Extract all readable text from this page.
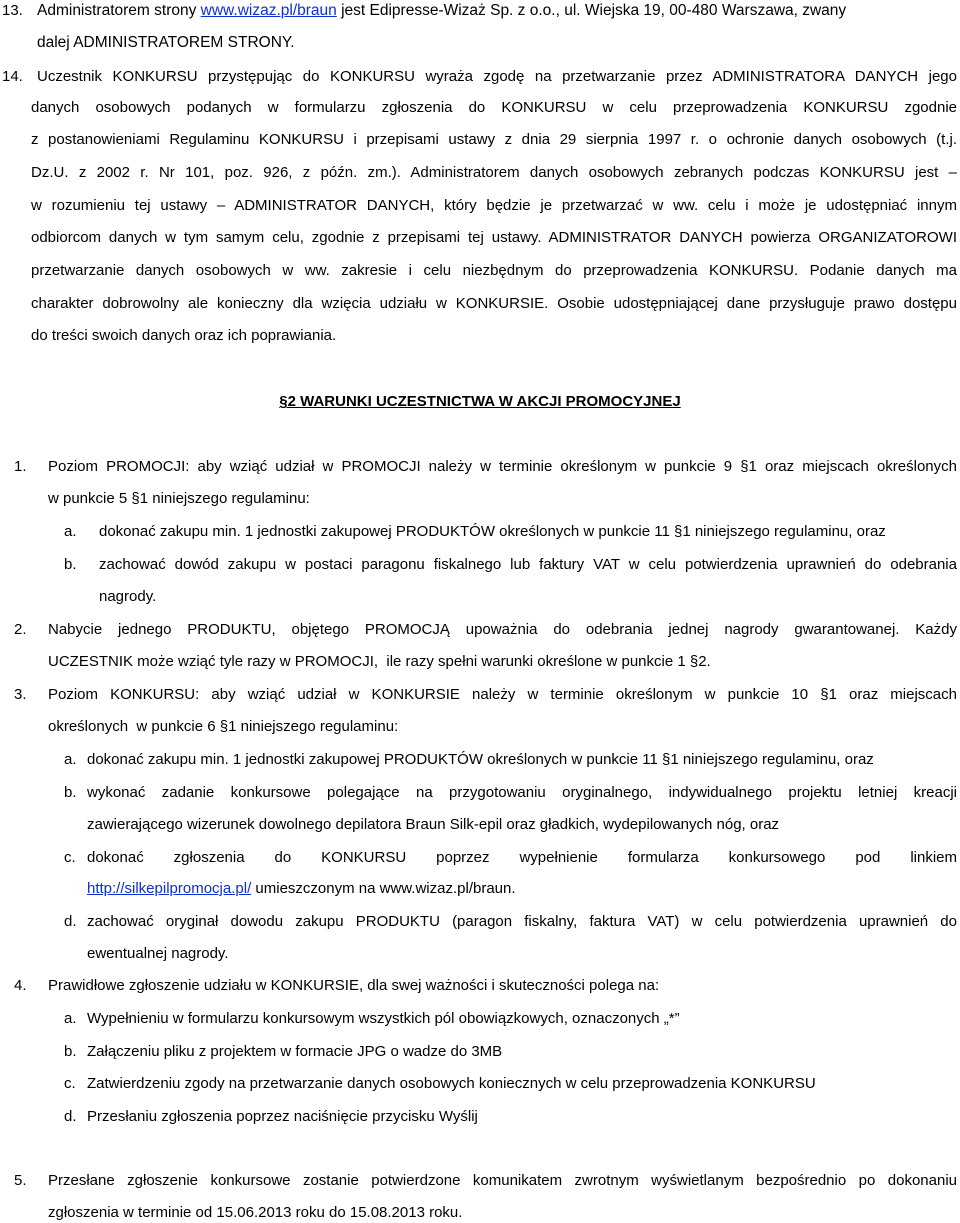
13. Administratorem strony www.wizaz.pl/braun jest Edipresse-Wizaż Sp. z o.o., ul. Wiejska 19, 00-480 Warszawa, zwany
dalej ADMINISTRATOREM STRONY.
14. Uczestnik KONKURSU przystępując do KONKURSU wyraża zgodę na przetwarzanie przez ADMINISTRATORA DANYCH jego
danych osobowych podanych w formularzu zgłoszenia do KONKURSU w celu przeprowadzenia KONKURSU zgodnie
z postanowieniami Regulaminu KONKURSU i przepisami ustawy z dnia 29 sierpnia 1997 r. o ochronie danych osobowych (t.j.
Dz.U. z 2002 r. Nr 101, poz. 926, z późn. zm.). Administratorem danych osobowych zebranych podczas KONKURSU jest –
w rozumieniu tej ustawy – ADMINISTRATOR DANYCH, który będzie je przetwarzać w ww. celu i może je udostępniać innym
odbiorcom danych w tym samym celu, zgodnie z przepisami tej ustawy. ADMINISTRATOR DANYCH powierza ORGANIZATOROWI
przetwarzanie danych osobowych w ww. zakresie i celu niezbędnym do przeprowadzenia KONKURSU. Podanie danych ma
charakter dobrowolny ale konieczny dla wzięcia udziału w KONKURSIE. Osobie udostępniającej dane przysługuje prawo dostępu
do treści swoich danych oraz ich poprawiania.
§2 WARUNKI UCZESTNICTWA W AKCJI PROMOCYJNEJ
1. Poziom PROMOCJI: aby wziąć udział w PROMOCJI należy w terminie określonym w punkcie 9 §1 oraz miejscach określonych
w punkcie 5 §1 niniejszego regulaminu:
a. dokonać zakupu min. 1 jednostki zakupowej PRODUKTÓW określonych w punkcie 11 §1 niniejszego regulaminu, oraz
b. zachować dowód zakupu w postaci paragonu fiskalnego lub faktury VAT w celu potwierdzenia uprawnień do odebrania
nagrody.
2. Nabycie jednego PRODUKTU, objętego PROMOCJĄ upoważnia do odebrania jednej nagrody gwarantowanej. Każdy
UCZESTNIK może wziąć tyle razy w PROMOCJI,  ile razy spełni warunki określone w punkcie 1 §2.
3. Poziom KONKURSU: aby wziąć udział w KONKURSIE należy w terminie określonym w punkcie 10 §1 oraz miejscach
określonych  w punkcie 6 §1 niniejszego regulaminu:
a. dokonać zakupu min. 1 jednostki zakupowej PRODUKTÓW określonych w punkcie 11 §1 niniejszego regulaminu, oraz
b. wykonać zadanie konkursowe polegające na przygotowaniu oryginalnego, indywidualnego projektu letniej kreacji
zawierającego wizerunek dowolnego depilatora Braun Silk-epil oraz gładkich, wydepilowanych nóg, oraz
c. dokonać zgłoszenia do KONKURSU poprzez wypełnienie formularza konkursowego pod linkiem
http://silkepilpromocja.pl/ umieszczonym na www.wizaz.pl/braun.
d. zachować oryginał dowodu zakupu PRODUKTU (paragon fiskalny, faktura VAT) w celu potwierdzenia uprawnień do
ewentualnej nagrody.
4. Prawidłowe zgłoszenie udziału w KONKURSIE, dla swej ważności i skuteczności polega na:
a. Wypełnieniu w formularzu konkursowym wszystkich pól obowiązkowych, oznaczonych „*”
b. Załączeniu pliku z projektem w formacie JPG o wadze do 3MB
c. Zatwierdzeniu zgody na przetwarzanie danych osobowych koniecznych w celu przeprowadzenia KONKURSU
d. Przesłaniu zgłoszenia poprzez naciśnięcie przycisku Wyślij
5. Przesłane zgłoszenie konkursowe zostanie potwierdzone komunikatem zwrotnym wyświetlanym bezpośrednio po dokonaniu
zgłoszenia w terminie od 15.06.2013 roku do 15.08.2013 roku.
